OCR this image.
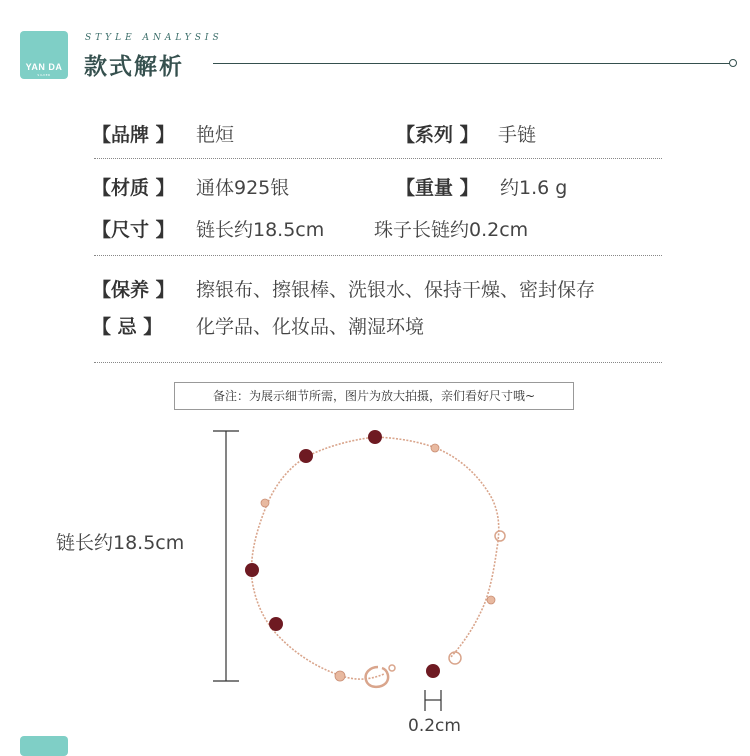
YAN DA
SILVER
STYLE ANALYSIS
款式解析
【品牌 】 艳烜	【系列 】 手链
【材质 】 通体925银	【重量 】 约1.6 g
【尺寸 】 链长约18.5cm	珠子长链约0.2cm
【保养 】 擦银布、擦银棒、洗银水、保持干燥、密封保存
【 忌 】 化学品、化妆品、潮湿环境
备注：为展示细节所需，图片为放大拍摄，亲们看好尺寸哦~
链长约18.5cm
0.2cm
